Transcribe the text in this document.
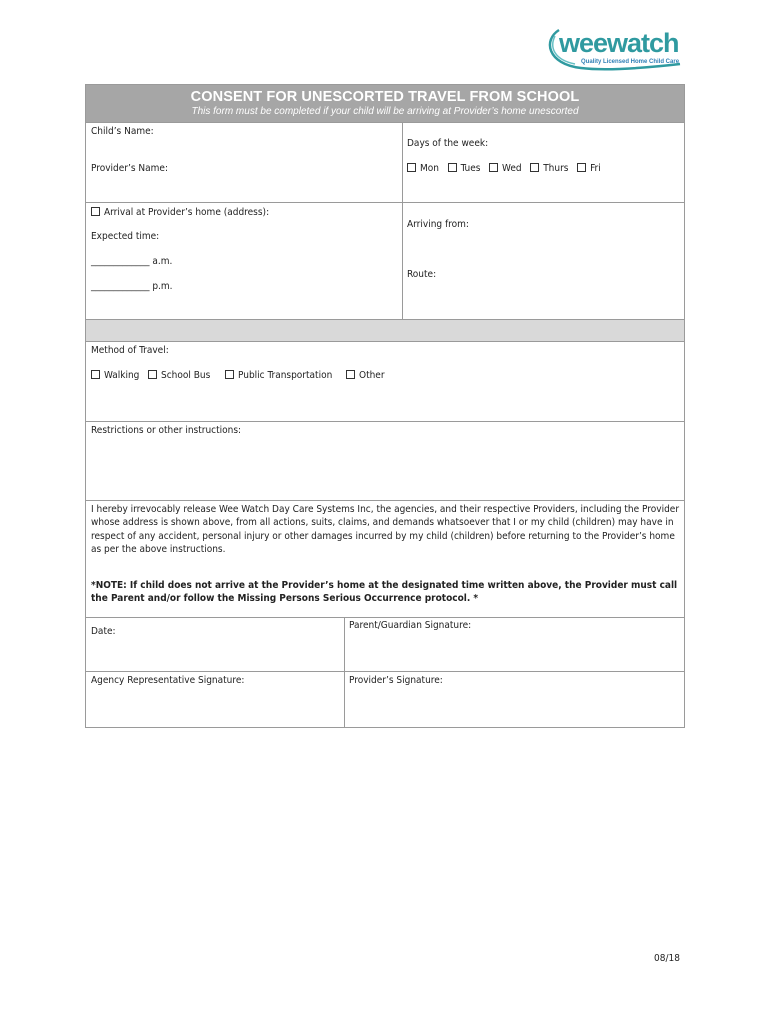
weewatch
Quality Licensed Home Child Care
CONSENT FOR UNESCORTED TRAVEL FROM SCHOOL
This form must be completed if your child will be arriving at Provider’s home unescorted
Child’s Name:
Provider’s Name:
Days of the week:
Mon Tues Wed Thurs Fri
Arrival at Provider’s home (address):
Expected time:
_____________ a.m.
_____________ p.m.
Arriving from:
Route:
Method of Travel:
Walking	School Bus	Public Transportation	Other
Restrictions or other instructions:
I hereby irrevocably release Wee Watch Day Care Systems Inc, the agencies, and their respective Providers, including the Provider whose address is shown above, from all actions, suits, claims, and demands whatsoever that I or my child (children) may have in respect of any accident, personal injury or other damages incurred by my child (children) before returning to the Provider’s home as per the above instructions.
*NOTE: If child does not arrive at the Provider’s home at the designated time written above, the Provider must call the Parent and/or follow the Missing Persons Serious Occurrence protocol. *
Date:
Parent/Guardian Signature:
Agency Representative Signature:	Provider’s Signature:
08/18
